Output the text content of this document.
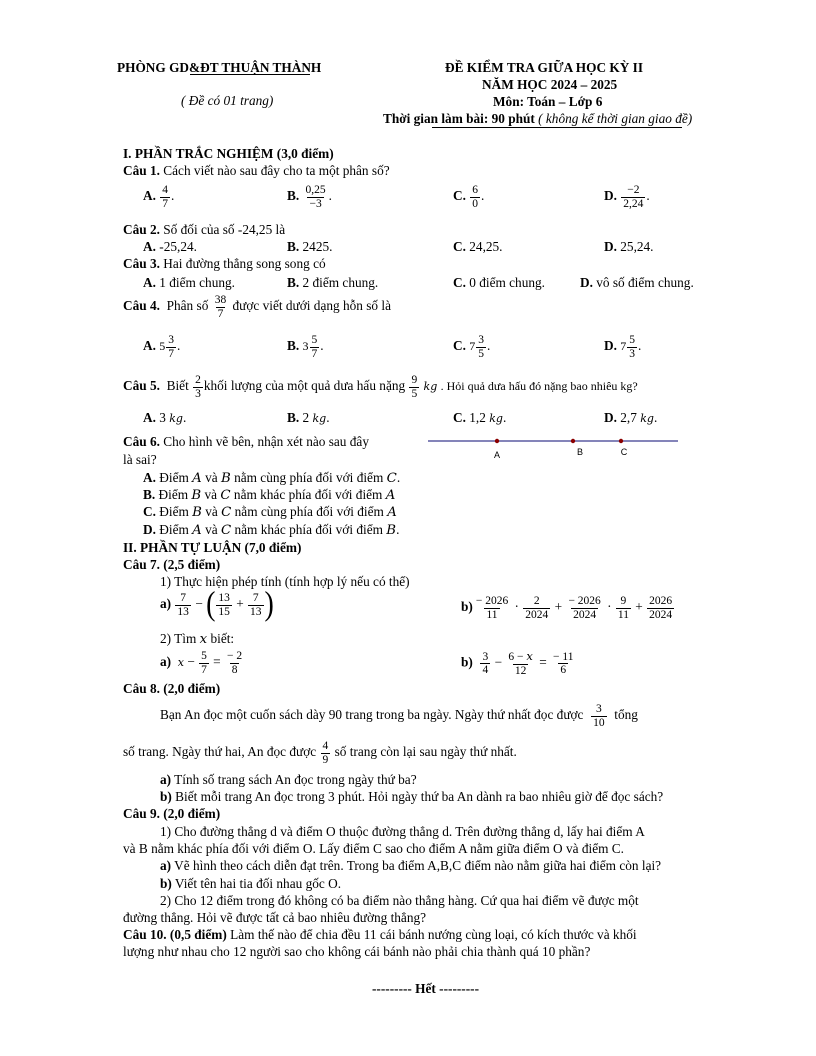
PHÒNG GD&ĐT THUẬN THÀNH
( Đề có 01 trang)
ĐỀ KIỂM TRA GIỮA HỌC KỲ II
NĂM HỌC 2024 – 2025
Môn: Toán – Lớp 6
Thời gian làm bài: 90 phút ( không kể thời gian giao đề)
I. PHẦN TRẮC NGHIỆM (3,0 điểm)
Câu 1. Cách viết nào sau đây cho ta một phân số?
A. $\frac{4}{7}$ .	B. $\frac{0,25}{-3}$ .	C. $\frac{6}{0}$ .	D. $\frac{-2}{2,24}$ .
Câu 2. Số đối của số -24,25 là
A. -25,24.	B. 2425.	C. 24,25.	D. 25,24.
Câu 3. Hai đường thẳng song song có
A. 1 điểm chung.	B. 2 điểm chung.	C. 0 điểm chung.	D. vô số điểm chung.
Câu 4. Phân số $\frac{38}{7}$ được viết dưới dạng hỗn số là
A. $5 \frac{3}{7}$ .	B. $3 \frac{5}{7}$ .	C. $7 \frac{3}{5}$ .	D. $7 \frac{5}{3}$ .
Câu 5. Biết $\frac{2}{3}$ khối lượng của một quả dưa hấu nặng $\frac{9}{5}$ kg . Hỏi quả dưa hấu đó nặng bao nhiêu kg?
A. 3 kg.	B. 2 kg.	C. 1,2 kg.	D. 2,7 kg.
Câu 6. Cho hình vẽ bên, nhận xét nào sau đây
là sai?	A	B	C
A. Điểm A và B nằm cùng phía đối với điểm C.
B. Điểm B và C nằm khác phía đối với điểm A
C. Điểm B và C nằm cùng phía đối với điểm A
D. Điểm A và C nằm khác phía đối với điểm B.
II. PHẦN TỰ LUẬN (7,0 điểm)
Câu 7. (2,5 điểm)
1) Thực hiện phép tính (tính hợp lý nếu có thể)
$a) \frac{7}{13}$ − ( $\frac{13}{15} + \frac{7}{13}$ )	$b) \frac{- 2026}{11} \cdot \frac{2}{2024} + \frac{- 2026}{2024} \cdot \frac{9}{11} + \frac{2026}{2024}$
2) Tìm x biết:
a) $x - \frac{5}{7} = \frac{- 2}{8}$	$b) \frac{3}{4} - \frac{6 - x}{12} = \frac{- 11}{6}$
Câu 8. (2,0 điểm)
Bạn An đọc một cuốn sách dày 90 trang trong ba ngày. Ngày thứ nhất đọc được $\frac{3}{10}$ tổng
số trang. Ngày thứ hai, An đọc được $\frac{4}{9}$ số trang còn lại sau ngày thứ nhất.
a) Tính số trang sách An đọc trong ngày thứ ba?
b) Biết mỗi trang An đọc trong 3 phút. Hỏi ngày thứ ba An dành ra bao nhiêu giờ để đọc sách?
Câu 9. (2,0 điểm)
1) Cho đường thẳng d và điểm O thuộc đường thẳng d. Trên đường thẳng d, lấy hai điểm A
và B nằm khác phía đối với điểm O. Lấy điểm C sao cho điểm A nằm giữa điểm O và điểm C.
a) Vẽ hình theo cách diễn đạt trên. Trong ba điểm A,B,C điểm nào nằm giữa hai điểm còn lại?
b) Viết tên hai tia đối nhau gốc O.
2) Cho 12 điểm trong đó không có ba điểm nào thẳng hàng. Cứ qua hai điểm vẽ được một
đường thẳng. Hỏi vẽ được tất cả bao nhiêu đường thẳng?
Câu 10. (0,5 điểm) Làm thế nào để chia đều 11 cái bánh nướng cùng loại, có kích thước và khối
lượng như nhau cho 12 người sao cho không cái bánh nào phải chia thành quá 10 phần?
--------- Hết ---------
